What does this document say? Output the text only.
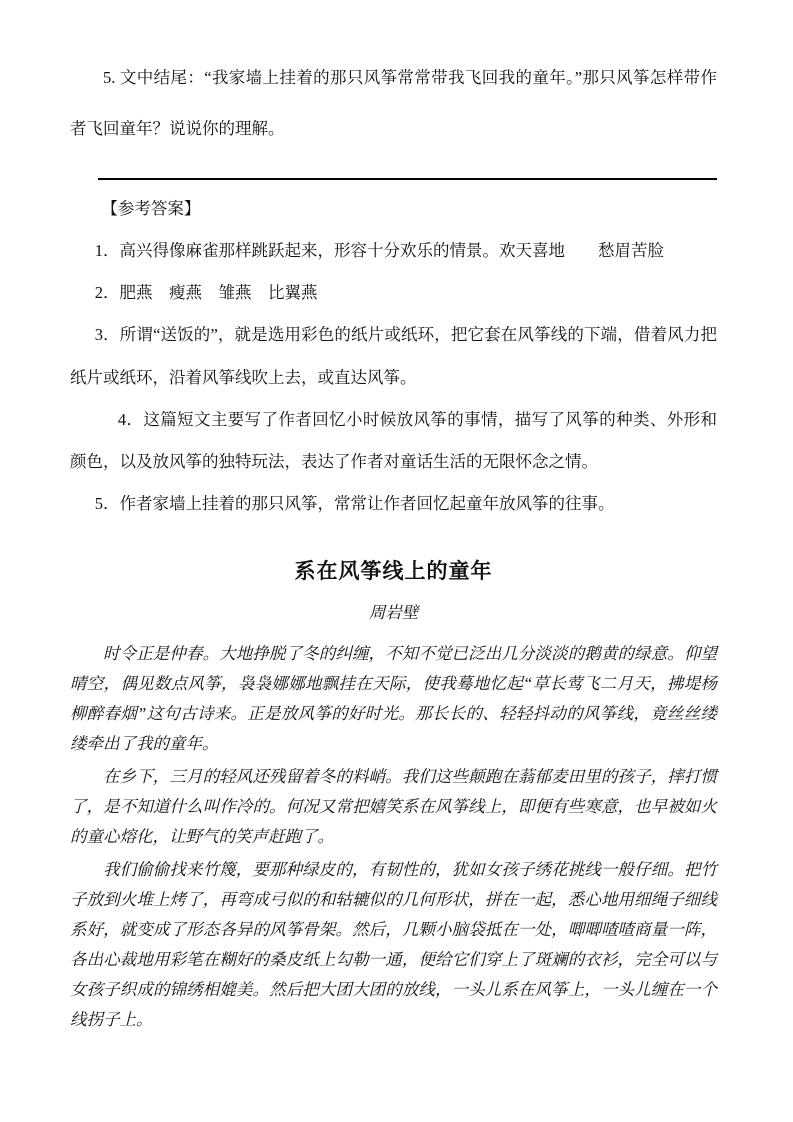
5. 文中结尾：“我家墙上挂着的那只风筝常常带我飞回我的童年。”那只风筝怎样带作者飞回童年？说说你的理解。

【参考答案】

1．高兴得像麻雀那样跳跃起来，形容十分欢乐的情景。欢天喜地　　愁眉苦脸

2．肥燕　瘦燕　雏燕　比翼燕

3．所谓“送饭的”，就是选用彩色的纸片或纸环，把它套在风筝线的下端，借着风力把纸片或纸环，沿着风筝线吹上去，或直达风筝。

4．这篇短文主要写了作者回忆小时候放风筝的事情，描写了风筝的种类、外形和颜色，以及放风筝的独特玩法，表达了作者对童话生活的无限怀念之情。

5．作者家墙上挂着的那只风筝，常常让作者回忆起童年放风筝的往事。

系在风筝线上的童年

周岩壁

时令正是仲春。大地挣脱了冬的纠缠，不知不觉已泛出几分淡淡的鹅黄的绿意。仰望晴空，偶见数点风筝，袅袅娜娜地飘挂在天际，使我蓦地忆起“草长莺飞二月天，拂堤杨柳醉春烟”这句古诗来。正是放风筝的好时光。那长长的、轻轻抖动的风筝线，竟丝丝缕缕牵出了我的童年。

在乡下，三月的轻风还残留着冬的料峭。我们这些颠跑在蓊郁麦田里的孩子，摔打惯了，是不知道什么叫作冷的。何况又常把嬉笑系在风筝线上，即便有些寒意，也早被如火的童心熔化，让野气的笑声赶跑了。

我们偷偷找来竹篾，要那种绿皮的，有韧性的，犹如女孩子绣花挑线一般仔细。把竹子放到火堆上烤了，再弯成弓似的和轱辘似的几何形状，拼在一起，悉心地用细绳子细线系好，就变成了形态各异的风筝骨架。然后，几颗小脑袋抵在一处，唧唧喳喳商量一阵，各出心裁地用彩笔在糊好的桑皮纸上勾勒一通，便给它们穿上了斑斓的衣衫，完全可以与女孩子织成的锦绣相媲美。然后把大团大团的放线，一头儿系在风筝上，一头儿缠在一个线拐子上。
